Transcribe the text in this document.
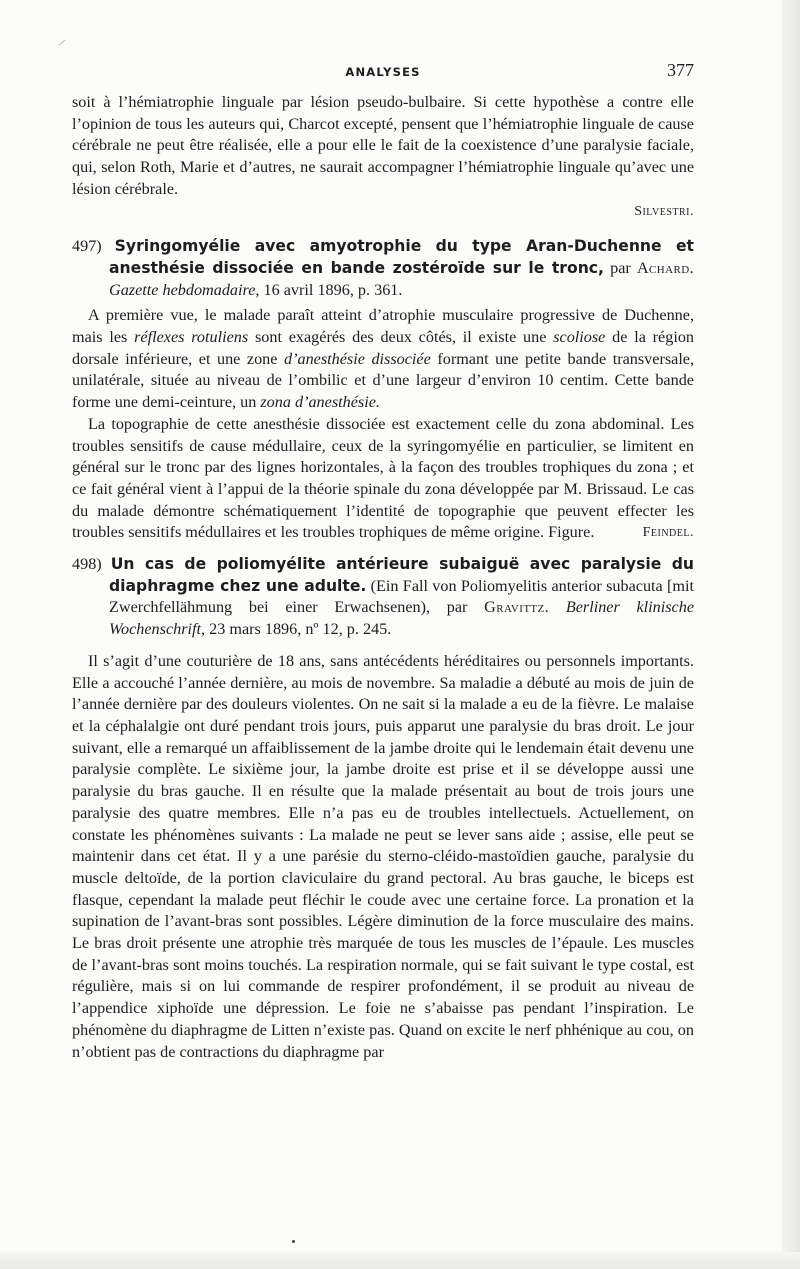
ANALYSES	377

soit à l’hémiatrophie linguale par lésion pseudo-bulbaire. Si cette hypothèse a contre elle l’opinion de tous les auteurs qui, Charcot excepté, pensent que l’hémiatrophie linguale de cause cérébrale ne peut être réalisée, elle a pour elle le fait de la coexistence d’une paralysie faciale, qui, selon Roth, Marie et d’autres, ne saurait accompagner l’hémiatrophie linguale qu’avec une lésion cérébrale.

Silvestri.

497) Syringomyélie avec amyotrophie du type Aran-Duchenne et anesthésie dissociée en bande zostéroïde sur le tronc, par Achard. Gazette hebdomadaire, 16 avril 1896, p. 361.

A première vue, le malade paraît atteint d’atrophie musculaire progressive de Duchenne, mais les réflexes rotuliens sont exagérés des deux côtés, il existe une scoliose de la région dorsale inférieure, et une zone d’anesthésie dissociée formant une petite bande transversale, unilatérale, située au niveau de l’ombilic et d’une largeur d’environ 10 centim. Cette bande forme une demi-ceinture, un zona d’anesthésie.

La topographie de cette anesthésie dissociée est exactement celle du zona abdominal. Les troubles sensitifs de cause médullaire, ceux de la syringomyélie en particulier, se limitent en général sur le tronc par des lignes horizontales, à la façon des troubles trophiques du zona ; et ce fait général vient à l’appui de la théorie spinale du zona développée par M. Brissaud. Le cas du malade démontre schématiquement l’identité de topographie que peuvent effecter les troubles sensitifs médullaires et les troubles trophiques de même origine. Figure.	Feindel.

498) Un cas de poliomyélite antérieure subaiguë avec paralysie du diaphragme chez une adulte. (Ein Fall von Poliomyelitis anterior subacuta [mit Zwerchfellähmung bei einer Erwachsenen), par Gravittz. Berliner klinische Wochenschrift, 23 mars 1896, nº 12, p. 245.

Il s’agit d’une couturière de 18 ans, sans antécédents héréditaires ou personnels importants. Elle a accouché l’année dernière, au mois de novembre. Sa maladie a débuté au mois de juin de l’année dernière par des douleurs violentes. On ne sait si la malade a eu de la fièvre. Le malaise et la céphalalgie ont duré pendant trois jours, puis apparut une paralysie du bras droit. Le jour suivant, elle a remarqué un affaiblissement de la jambe droite qui le lendemain était devenu une paralysie complète. Le sixième jour, la jambe droite est prise et il se développe aussi une paralysie du bras gauche. Il en résulte que la malade présentait au bout de trois jours une paralysie des quatre membres. Elle n’a pas eu de troubles intellectuels. Actuellement, on constate les phénomènes suivants : La malade ne peut se lever sans aide ; assise, elle peut se maintenir dans cet état. Il y a une parésie du sterno-cléido-mastoïdien gauche, paralysie du muscle deltoïde, de la portion claviculaire du grand pectoral. Au bras gauche, le biceps est flasque, cependant la malade peut fléchir le coude avec une certaine force. La pronation et la supination de l’avant-bras sont possibles. Légère diminution de la force musculaire des mains. Le bras droit présente une atrophie très marquée de tous les muscles de l’épaule. Les muscles de l’avant-bras sont moins touchés. La respiration normale, qui se fait suivant le type costal, est régulière, mais si on lui commande de respirer profondément, il se produit au niveau de l’appendice xiphoïde une dépression. Le foie ne s’abaisse pas pendant l’inspiration. Le phénomène du diaphragme de Litten n’existe pas. Quand on excite le nerf phhénique au cou, on n’obtient pas de contractions du diaphragme par
